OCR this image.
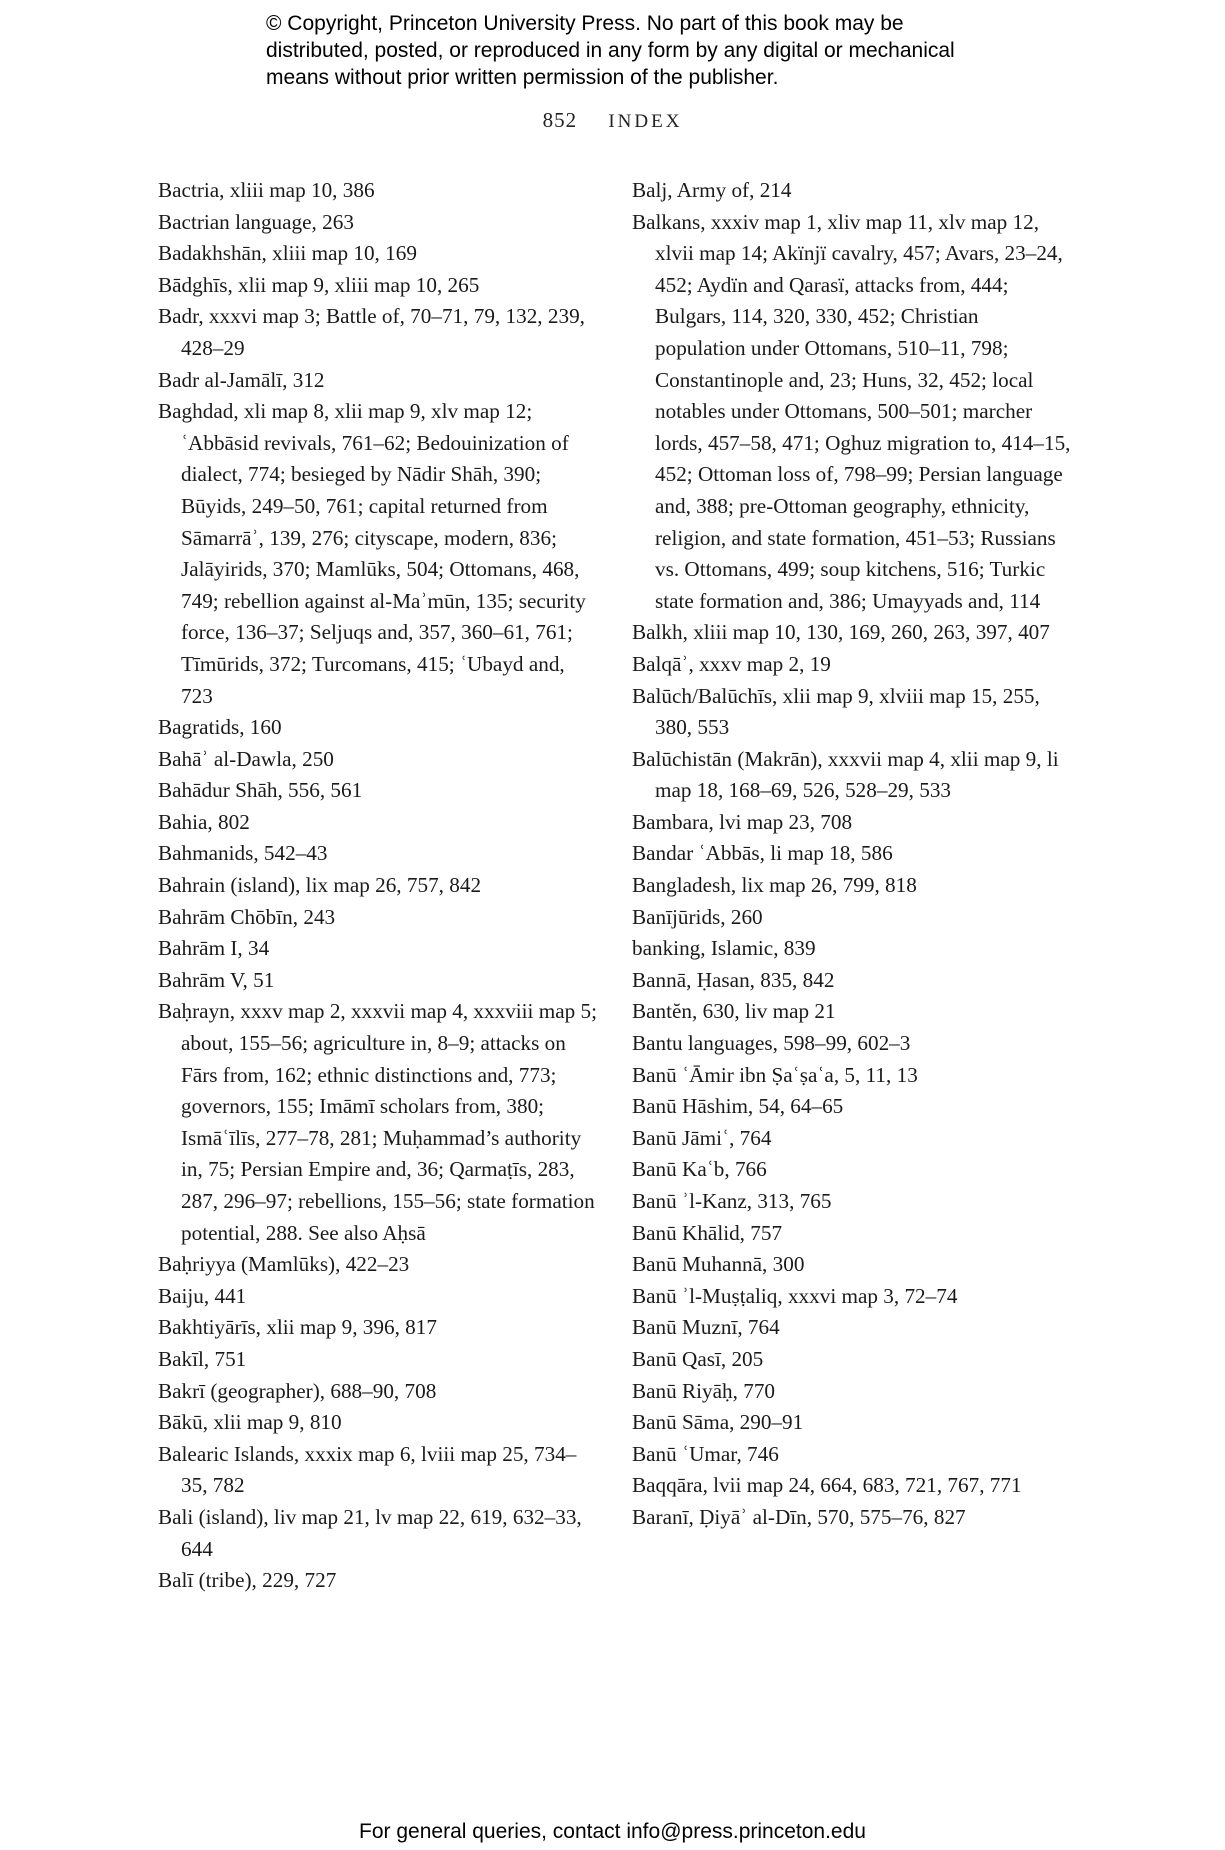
© Copyright, Princeton University Press. No part of this book may be
distributed, posted, or reproduced in any form by any digital or mechanical
means without prior written permission of the publisher.
852 INDEX

Bactria, xliii map 10, 386

Bactrian language, 263

Badakhshān, xliii map 10, 169

Bādghīs, xlii map 9, xliii map 10, 265

Badr, xxxvi map 3; Battle of, 70–71, 79, 132, 239, 428–29

Badr al-Jamālī, 312

Baghdad, xli map 8, xlii map 9, xlv map 12; ʿAbbāsid revivals, 761–62; Bedouinization of dialect, 774; besieged by Nādir Shāh, 390; Būyids, 249–50, 761; capital returned from Sāmarrāʾ, 139, 276; cityscape, modern, 836; Jalāyirids, 370; Mamlūks, 504; Ottomans, 468, 749; rebellion against al-Maʾmūn, 135; security force, 136–37; Seljuqs and, 357, 360–61, 761; Tīmūrids, 372; Turcomans, 415; ʿUbayd and, 723

Bagratids, 160

Bahāʾ al-Dawla, 250

Bahādur Shāh, 556, 561

Bahia, 802

Bahmanids, 542–43

Bahrain (island), lix map 26, 757, 842

Bahrām Chōbīn, 243

Bahrām I, 34

Bahrām V, 51

Baḥrayn, xxxv map 2, xxxvii map 4, xxxviii map 5; about, 155–56; agriculture in, 8–9; attacks on Fārs from, 162; ethnic distinctions and, 773; governors, 155; Imāmī scholars from, 380; Ismāʿīlīs, 277–78, 281; Muḥammad’s authority in, 75; Persian Empire and, 36; Qarmaṭīs, 283, 287, 296–97; rebellions, 155–56; state formation potential, 288. See also Aḥsā

Baḥriyya (Mamlūks), 422–23

Baiju, 441

Bakhtiyārīs, xlii map 9, 396, 817

Bakīl, 751

Bakrī (geographer), 688–90, 708

Bākū, xlii map 9, 810

Balearic Islands, xxxix map 6, lviii map 25, 734–35, 782

Bali (island), liv map 21, lv map 22, 619, 632–33, 644

Balī (tribe), 229, 727

Balj, Army of, 214

Balkans, xxxiv map 1, xliv map 11, xlv map 12, xlvii map 14; Akïnjï cavalry, 457; Avars, 23–24, 452; Aydïn and Qarasï, attacks from, 444; Bulgars, 114, 320, 330, 452; Christian population under Ottomans, 510–11, 798; Constantinople and, 23; Huns, 32, 452; local notables under Ottomans, 500–501; marcher lords, 457–58, 471; Oghuz migration to, 414–15, 452; Ottoman loss of, 798–99; Persian language and, 388; pre-Ottoman geography, ethnicity, religion, and state formation, 451–53; Russians vs. Ottomans, 499; soup kitchens, 516; Turkic state formation and, 386; Umayyads and, 114

Balkh, xliii map 10, 130, 169, 260, 263, 397, 407

Balqāʾ, xxxv map 2, 19

Balūch/Balūchīs, xlii map 9, xlviii map 15, 255, 380, 553

Balūchistān (Makrān), xxxvii map 4, xlii map 9, li map 18, 168–69, 526, 528–29, 533

Bambara, lvi map 23, 708

Bandar ʿAbbās, li map 18, 586

Bangladesh, lix map 26, 799, 818

Banījūrids, 260

banking, Islamic, 839

Bannā, Ḥasan, 835, 842

Bantĕn, 630, liv map 21

Bantu languages, 598–99, 602–3

Banū ʿĀmir ibn Ṣaʿṣaʿa, 5, 11, 13

Banū Hāshim, 54, 64–65

Banū Jāmiʿ, 764

Banū Kaʿb, 766

Banū ʾl-Kanz, 313, 765

Banū Khālid, 757

Banū Muhannā, 300

Banū ʾl-Muṣṭaliq, xxxvi map 3, 72–74

Banū Muznī, 764

Banū Qasī, 205

Banū Riyāḥ, 770

Banū Sāma, 290–91

Banū ʿUmar, 746

Baqqāra, lvii map 24, 664, 683, 721, 767, 771

Baranī, Ḍiyāʾ al-Dīn, 570, 575–76, 827

For general queries, contact info@press.princeton.edu
